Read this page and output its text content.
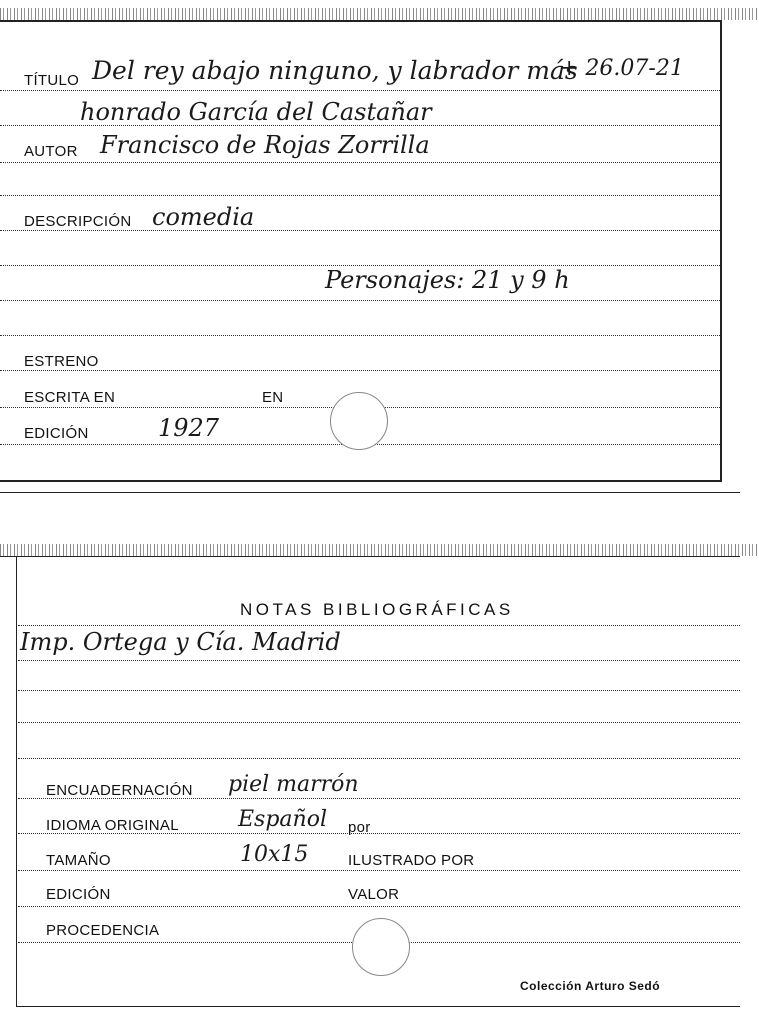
TÍTULO Del rey abajo ninguno, y labrador más
+ 26.07-21
honrado García del Castañar
AUTOR Francisco de Rojas Zorrilla
DESCRIPCIÓN comedia
Personajes: 21 y 9 h
ESTRENO
ESCRITA EN	EN
EDICIÓN	1927
NOTAS BIBLIOGRÁFICAS
Imp. Ortega y Cía. Madrid
ENCUADERNACIÓN piel marrón
IDIOMA ORIGINAL	Español por
TAMAÑO	10x15	ILUSTRADO POR
EDICIÓN	VALOR
PROCEDENCIA
Colección Arturo Sedó
